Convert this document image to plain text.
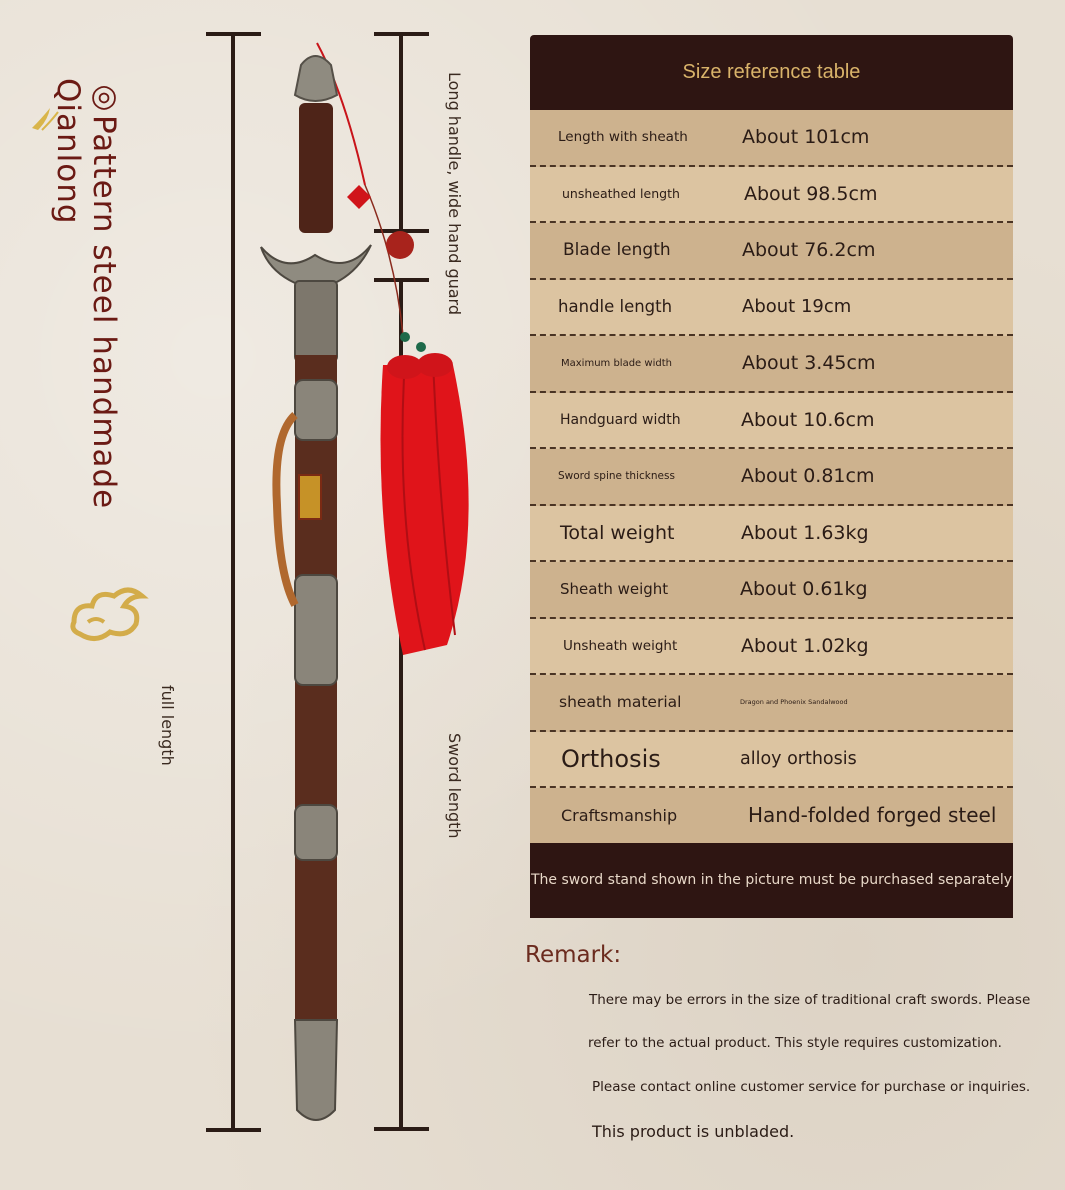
◎Pattern steel handmade Qianlong
full length
Long handle, wide hand guard
Sword length
Size reference table
Length with sheath	About 101cm
unsheathed length	About 98.5cm
Blade length	About 76.2cm
handle length	About 19cm
Maximum blade width	About 3.45cm
Handguard width	About 10.6cm
Sword spine thickness	About 0.81cm
Total weight	About 1.63kg
Sheath weight	About 0.61kg
Unsheath weight	About 1.02kg
sheath material	Dragon and Phoenix Sandalwood
Orthosis	alloy orthosis
Craftsmanship	Hand-folded forged steel
The sword stand shown in the picture must be purchased separately
Remark:
There may be errors in the size of traditional craft swords. Please
refer to the actual product. This style requires customization.
Please contact online customer service for purchase or inquiries.
This product is unbladed.
